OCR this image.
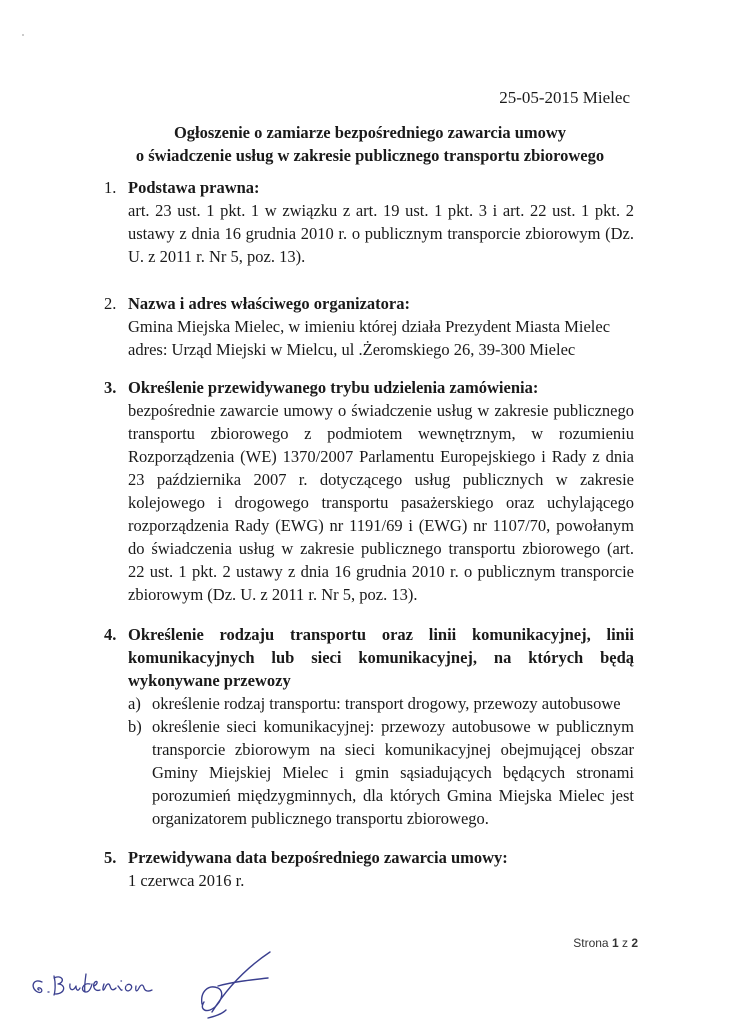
25-05-2015 Mielec
Ogłoszenie o zamiarze bezpośredniego zawarcia umowy
o świadczenie usług w zakresie publicznego transportu zbiorowego
1. Podstawa prawna:
art. 23 ust. 1 pkt. 1 w związku z art. 19 ust. 1 pkt. 3 i art. 22 ust. 1 pkt. 2
ustawy z dnia 16 grudnia 2010 r. o publicznym transporcie zbiorowym (Dz.
U. z 2011 r. Nr 5, poz. 13).
2. Nazwa i adres właściwego organizatora:
Gmina Miejska Mielec, w imieniu której działa Prezydent Miasta Mielec
adres: Urząd Miejski w Mielcu, ul .Żeromskiego 26, 39-300 Mielec
3. Określenie przewidywanego trybu udzielenia zamówienia:
bezpośrednie zawarcie umowy o świadczenie usług w zakresie publicznego
transportu zbiorowego z podmiotem wewnętrznym, w rozumieniu
Rozporządzenia (WE) 1370/2007 Parlamentu Europejskiego i Rady z dnia
23 października 2007 r. dotyczącego usług publicznych w zakresie
kolejowego i drogowego transportu pasażerskiego oraz uchylającego
rozporządzenia Rady (EWG) nr 1191/69 i (EWG) nr 1107/70, powołanym
do świadczenia usług w zakresie publicznego transportu zbiorowego (art.
22 ust. 1 pkt. 2 ustawy z dnia 16 grudnia 2010 r. o publicznym transporcie
zbiorowym (Dz. U. z 2011 r. Nr 5, poz. 13).
4. Określenie rodzaju transportu oraz linii komunikacyjnej, linii
komunikacyjnych lub sieci komunikacyjnej, na których będą
wykonywane przewozy
a) określenie rodzaj transportu: transport drogowy, przewozy autobusowe
b) określenie sieci komunikacyjnej: przewozy autobusowe w publicznym
transporcie zbiorowym na sieci komunikacyjnej obejmującej obszar
Gminy Miejskiej Mielec i gmin sąsiadujących będących stronami
porozumień międzygminnych, dla których Gmina Miejska Mielec jest
organizatorem publicznego transportu zbiorowego.
5. Przewidywana data bezpośredniego zawarcia umowy:
1 czerwca 2016 r.
Strona 1 z 2
